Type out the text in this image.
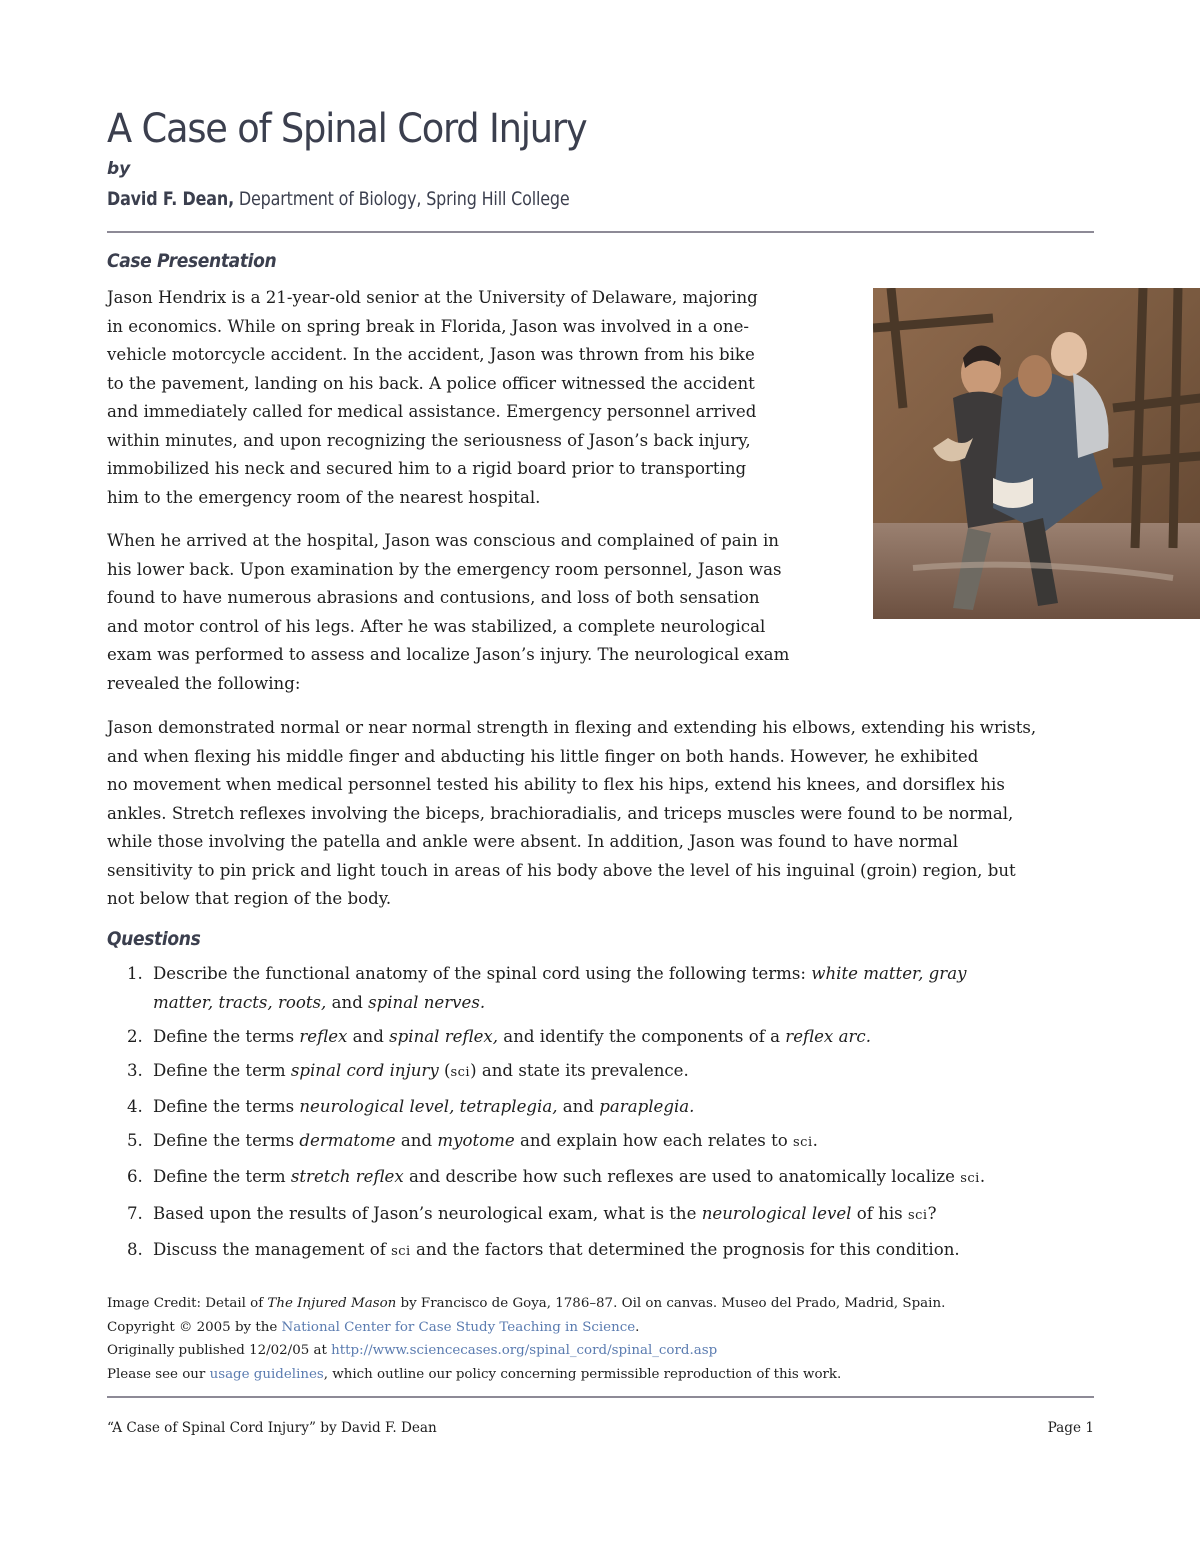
A Case of Spinal Cord Injury
by
David F. Dean, Department of Biology, Spring Hill College
Case Presentation

Jason Hendrix is a 21-year-old senior at the University of Delaware, majoring
in economics. While on spring break in Florida, Jason was involved in a one-
vehicle motorcycle accident. In the accident, Jason was thrown from his bike
to the pavement, landing on his back. A police officer witnessed the accident
and immediately called for medical assistance. Emergency personnel arrived
within minutes, and upon recognizing the seriousness of Jason’s back injury,
immobilized his neck and secured him to a rigid board prior to transporting
him to the emergency room of the nearest hospital.

When he arrived at the hospital, Jason was conscious and complained of pain in
his lower back. Upon examination by the emergency room personnel, Jason was
found to have numerous abrasions and contusions, and loss of both sensation
and motor control of his legs. After he was stabilized, a complete neurological
exam was performed to assess and localize Jason’s injury. The neurological exam
revealed the following:

Jason demonstrated normal or near normal strength in flexing and extending his elbows, extending his wrists,
and when flexing his middle finger and abducting his little finger on both hands. However, he exhibited
no movement when medical personnel tested his ability to flex his hips, extend his knees, and dorsiflex his
ankles. Stretch reflexes involving the biceps, brachioradialis, and triceps muscles were found to be normal,
while those involving the patella and ankle were absent. In addition, Jason was found to have normal
sensitivity to pin prick and light touch in areas of his body above the level of his inguinal (groin) region, but
not below that region of the body.

Questions
1. Describe the functional anatomy of the spinal cord using the following terms: white matter, gray
matter, tracts, roots, and spinal nerves.
2. Define the terms reflex and spinal reflex, and identify the components of a reflex arc.
3. Define the term spinal cord injury (sci) and state its prevalence.
4. Define the terms neurological level, tetraplegia, and paraplegia.
5. Define the terms dermatome and myotome and explain how each relates to sci.
6. Define the term stretch reflex and describe how such reflexes are used to anatomically localize sci.
7. Based upon the results of Jason’s neurological exam, what is the neurological level of his sci?
8. Discuss the management of sci and the factors that determined the prognosis for this condition.
Image Credit: Detail of The Injured Mason by Francisco de Goya, 1786–87. Oil on canvas. Museo del Prado, Madrid, Spain.
Copyright © 2005 by the National Center for Case Study Teaching in Science.
Originally published 12/02/05 at http://www.sciencecases.org/spinal_cord/spinal_cord.asp
Please see our usage guidelines, which outline our policy concerning permissible reproduction of this work.
“A Case of Spinal Cord Injury” by David F. Dean	Page 1
